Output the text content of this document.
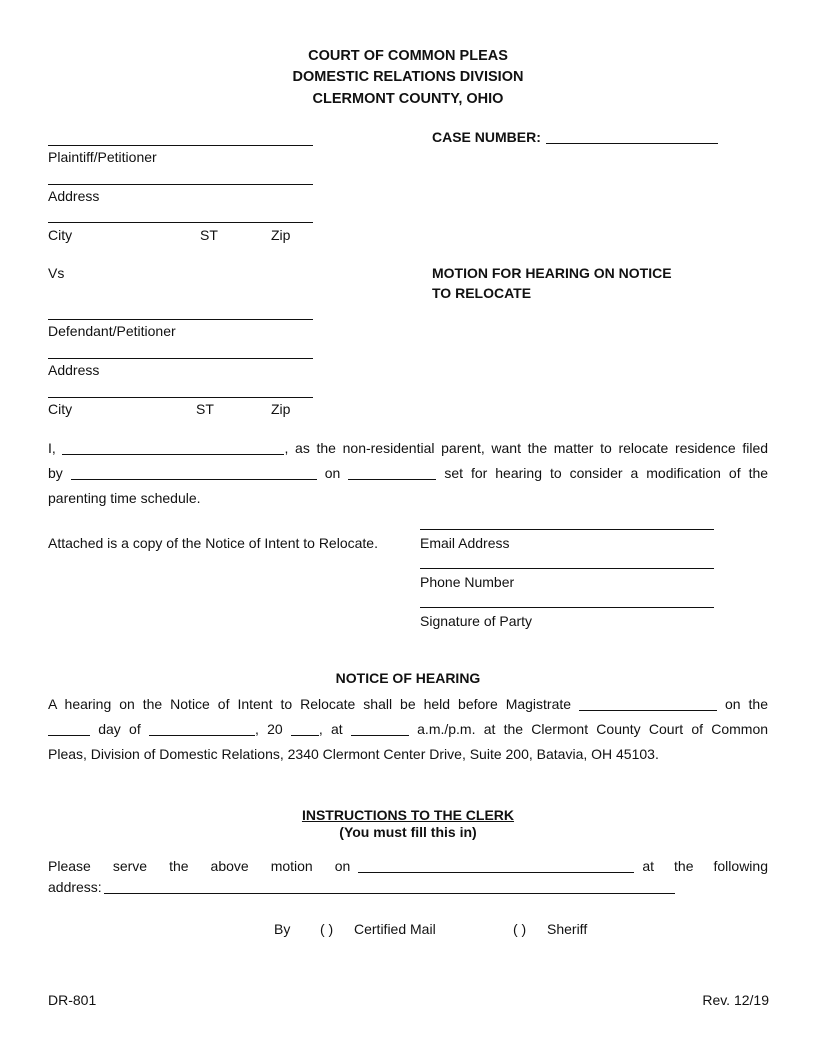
COURT OF COMMON PLEAS
DOMESTIC RELATIONS DIVISION
CLERMONT COUNTY, OHIO
CASE NUMBER:
Plaintiff/Petitioner
Address
City	ST	Zip
Vs	MOTION FOR HEARING ON NOTICE
TO RELOCATE
Defendant/Petitioner
Address
City	ST	Zip
I,	, as the non-residential parent, want the matter to relocate residence filed
by	on	set for hearing to consider a modification of the
parenting time schedule.
Attached is a copy of the Notice of Intent to Relocate.	Email Address
Phone Number
Signature of Party
NOTICE OF HEARING
A hearing on the Notice of Intent to Relocate shall be held before Magistrate	on the
day of	, 20	, at	a.m./p.m. at the Clermont County Court of Common
Pleas, Division of Domestic Relations, 2340 Clermont Center Drive, Suite 200, Batavia, OH 45103.
INSTRUCTIONS TO THE CLERK
(You must fill this in)
Please serve the above motion on	at the following
address:
By ( ) Certified Mail	( ) Sheriff
DR-801	Rev. 12/19
